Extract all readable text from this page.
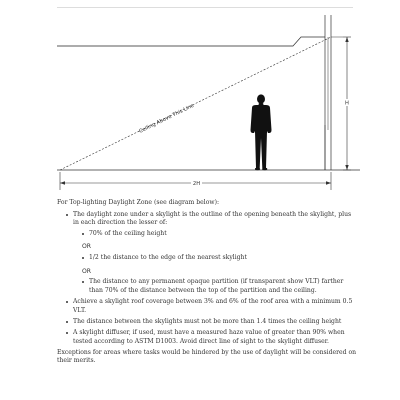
Ceiling Above This Line
2H
H

For Top-lighting Daylight Zone (see diagram below):

The daylight zone under a skylight is the outline of the opening beneath the skylight, plus in each direction the lesser of:
70% of the ceiling height

OR

1/2 the distance to the edge of the nearest skylight

OR

The distance to any permanent opaque partition (if transparent show VLT) farther than 70% of the distance between the top of the partition and the ceiling.
Achieve a skylight roof coverage between 3% and 6% of the roof area with a minimum 0.5 VLT.
The distance between the skylights must not be more than 1.4 times the ceiling height
A skylight diffuser, if used, must have a measured haze value of greater than 90% when tested according to ASTM D1003. Avoid direct line of sight to the skylight diffuser.

Exceptions for areas where tasks would be hindered by the use of daylight will be considered on their merits.
